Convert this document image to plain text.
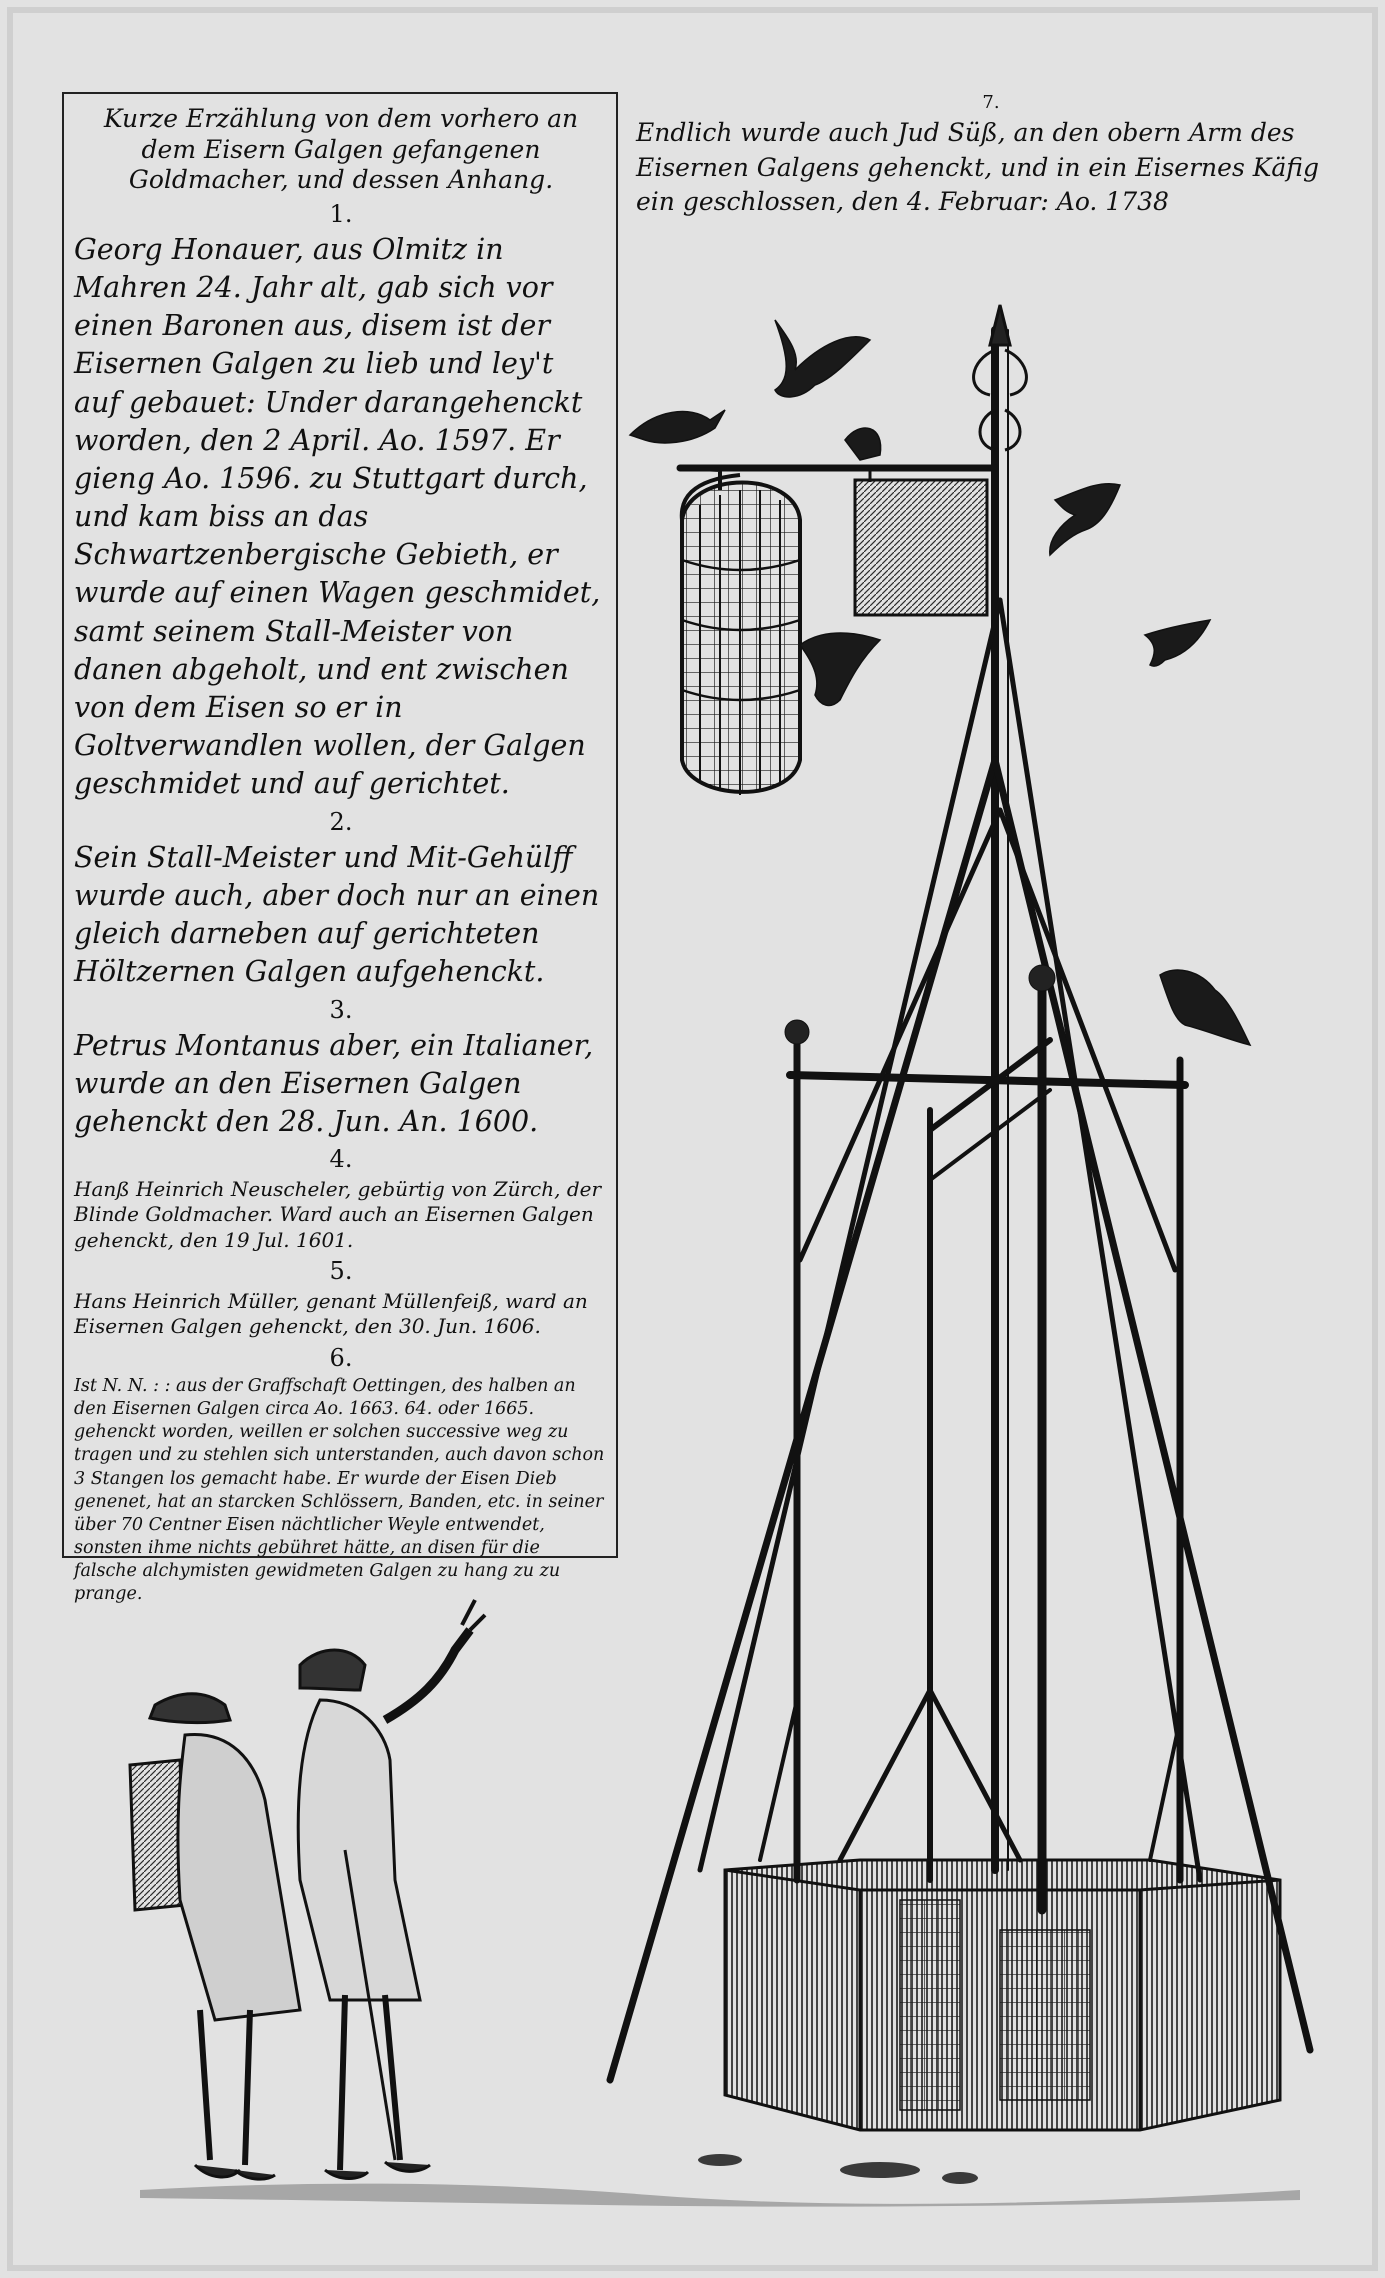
Kurze Erzählung von dem vorhero an dem Eisern Galgen gefangenen Goldmacher, und dessen Anhang.

1.

Georg Honauer, aus Olmitz in Mahren 24. Jahr alt, gab sich vor einen Baronen aus, disem ist der Eisernen Galgen zu lieb und ley't auf gebauet: Under darangehenckt worden, den 2 April. Ao. 1597. Er gieng Ao. 1596. zu Stuttgart durch, und kam biss an das Schwartzenbergische Gebieth, er wurde auf einen Wagen geschmidet, samt seinem Stall-Meister von danen abgeholt, und ent zwischen von dem Eisen so er in Goltverwandlen wollen, der Galgen geschmidet und auf gerichtet.

2.

Sein Stall-Meister und Mit-Gehülff wurde auch, aber doch nur an einen gleich darneben auf gerichteten Höltzernen Galgen aufgehenckt.

3.

Petrus Montanus aber, ein Italianer, wurde an den Eisernen Galgen gehenckt den 28. Jun. An. 1600.

4.

Hanß Heinrich Neuscheler, gebürtig von Zürch, der Blinde Goldmacher. Ward auch an Eisernen Galgen gehenckt, den 19 Jul. 1601.

5.

Hans Heinrich Müller, genant Müllenfeiß, ward an Eisernen Galgen gehenckt, den 30. Jun. 1606.

6.

Ist N. N. : : aus der Graffschaft Oettingen, des halben an den Eisernen Galgen circa Ao. 1663. 64. oder 1665. gehenckt worden, weillen er solchen successive weg zu tragen und zu stehlen sich unterstanden, auch davon schon 3 Stangen los gemacht habe. Er wurde der Eisen Dieb genenet, hat an starcken Schlössern, Banden, etc. in seiner über 70 Centner Eisen nächtlicher Weyle entwendet, sonsten ihme nichts gebühret hätte, an disen für die falsche alchymisten gewidmeten Galgen zu hang zu zu prange.

7.
Endlich wurde auch Jud Süß, an den obern Arm des Eisernen Galgens gehenckt, und in ein Eisernes Käfig ein geschlossen, den 4. Februar: Ao. 1738
